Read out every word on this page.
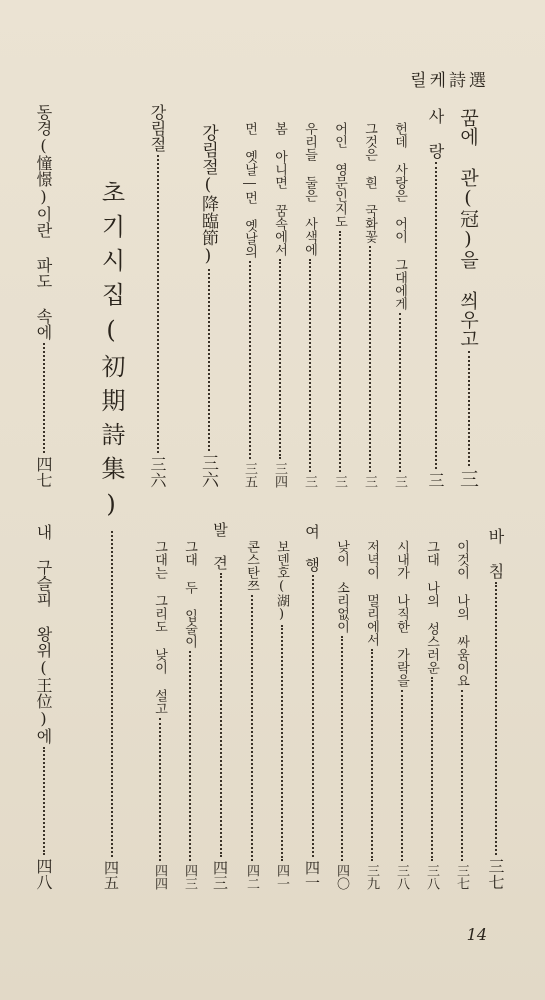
릴케詩選
꿈에 관(冠)을 씌우고
三
사 랑
三
헌데 사랑은 어이 그대에게
三
그것은 흰 국화꽃
三
어인 영문인지도
三
우리들 둘은 사색에
三
봄 아니면 꿈속에서
三四
먼 옛날―먼 옛날의
三五
강림절(降臨節)
三六
강림절
三六
초기시집(初期詩集)
四五
동경(憧憬)이란 파도 속에
四七
바 침
三七
이것이 나의 싸움이요
三七
그대 나의 성스러운
三八
시내가 나직한 가락을
三八
저녁이 멀리에서
三九
낮이 소리없이
四〇
여 행
四一
보덴호(湖)
四一
콘스탄쯔
四二
발 견
四三
그대 두 입술이
四三
그대는 그리도 낮이 설고
四四
내 구슬피 왕위(王位)에
四八
14
